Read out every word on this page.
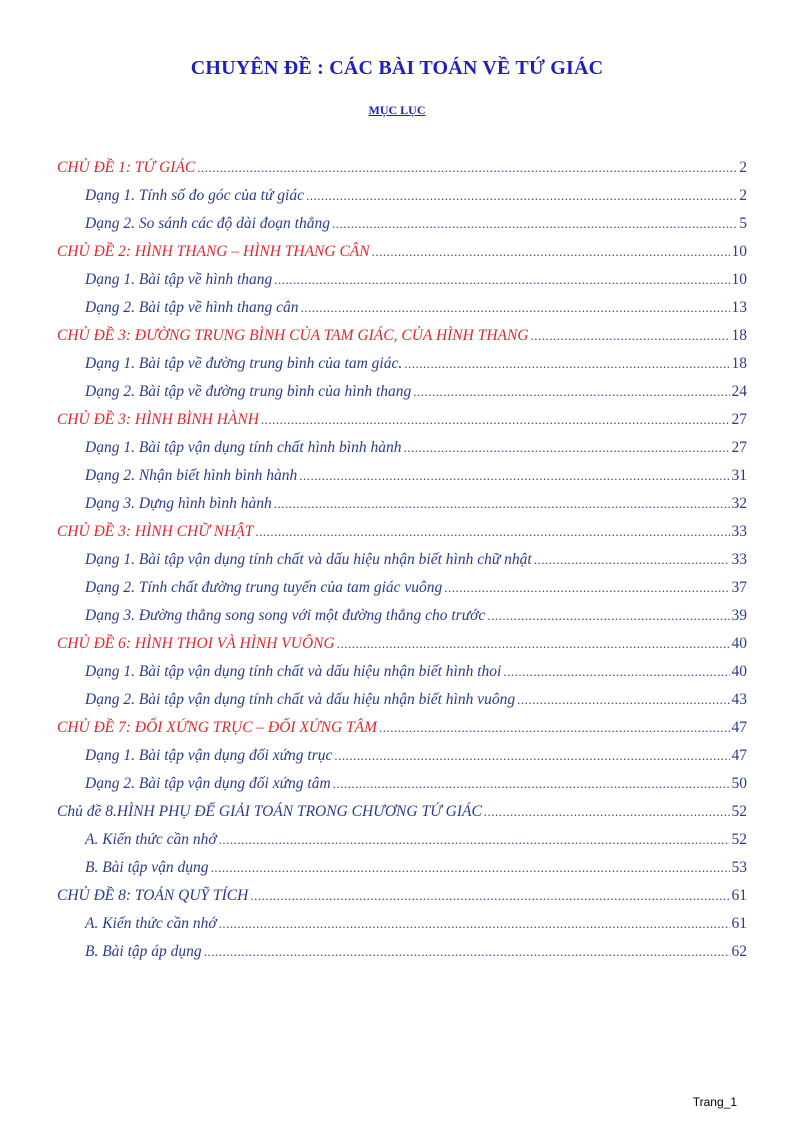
CHUYÊN ĐỀ : CÁC BÀI TOÁN VỀ TỨ GIÁC
MỤC LỤC
CHỦ ĐỀ 1: TỨ GIÁC .....	2
Dạng 1. Tính số đo góc của tứ giác .....	2
Dạng 2. So sánh các độ dài đoạn thẳng .....	5
CHỦ ĐỀ 2: HÌNH THANG – HÌNH THANG CÂN .....	10
Dạng 1. Bài tập về hình thang .....	10
Dạng 2. Bài tập về hình thang cân .....	13
CHỦ ĐỀ 3: ĐƯỜNG TRUNG BÌNH CỦA TAM GIÁC, CỦA HÌNH THANG .....	18
Dạng 1. Bài tập về đường trung bình của tam giác. .....	18
Dạng 2. Bài tập về đường trung bình của hình thang .....	24
CHỦ ĐỀ 3: HÌNH BÌNH HÀNH .....	27
Dạng 1. Bài tập vận dụng tính chất hình bình hành .....	27
Dạng 2. Nhận biết hình bình hành .....	31
Dạng 3. Dựng hình bình hành .....	32
CHỦ ĐỀ 3: HÌNH CHỮ NHẬT .....	33
Dạng 1. Bài tập vận dụng tính chất và dấu hiệu nhận biết hình chữ nhật .....	33
Dạng 2. Tính chất đường trung tuyến của tam giác vuông .....	37
Dạng 3. Đường thẳng song song với một đường thẳng cho trước .....	39
CHỦ ĐỀ 6: HÌNH THOI VÀ HÌNH VUÔNG .....	40
Dạng 1. Bài tập vận dụng tính chất và dấu hiệu nhận biết hình thoi .....	40
Dạng 2. Bài tập vận dụng tính chất và dấu hiệu nhận biết hình vuông .....	43
CHỦ ĐỀ 7: ĐỐI XỨNG TRỤC – ĐỐI XỨNG TÂM .....	47
Dạng 1. Bài tập vận dụng đối xứng trục .....	47
Dạng 2. Bài tập vận dụng đối xứng tâm .....	50
Chủ đề 8.HÌNH PHỤ ĐỂ GIẢI TOÁN TRONG CHƯƠNG TỨ GIÁC .....	52
A. Kiến thức cần nhớ .....	52
B. Bài tập vận dụng .....	53
CHỦ ĐỀ 8: TOÁN QUỸ TÍCH .....	61
A. Kiến thức cần nhớ .....	61
B. Bài tập áp dụng .....	62
Trang_1
